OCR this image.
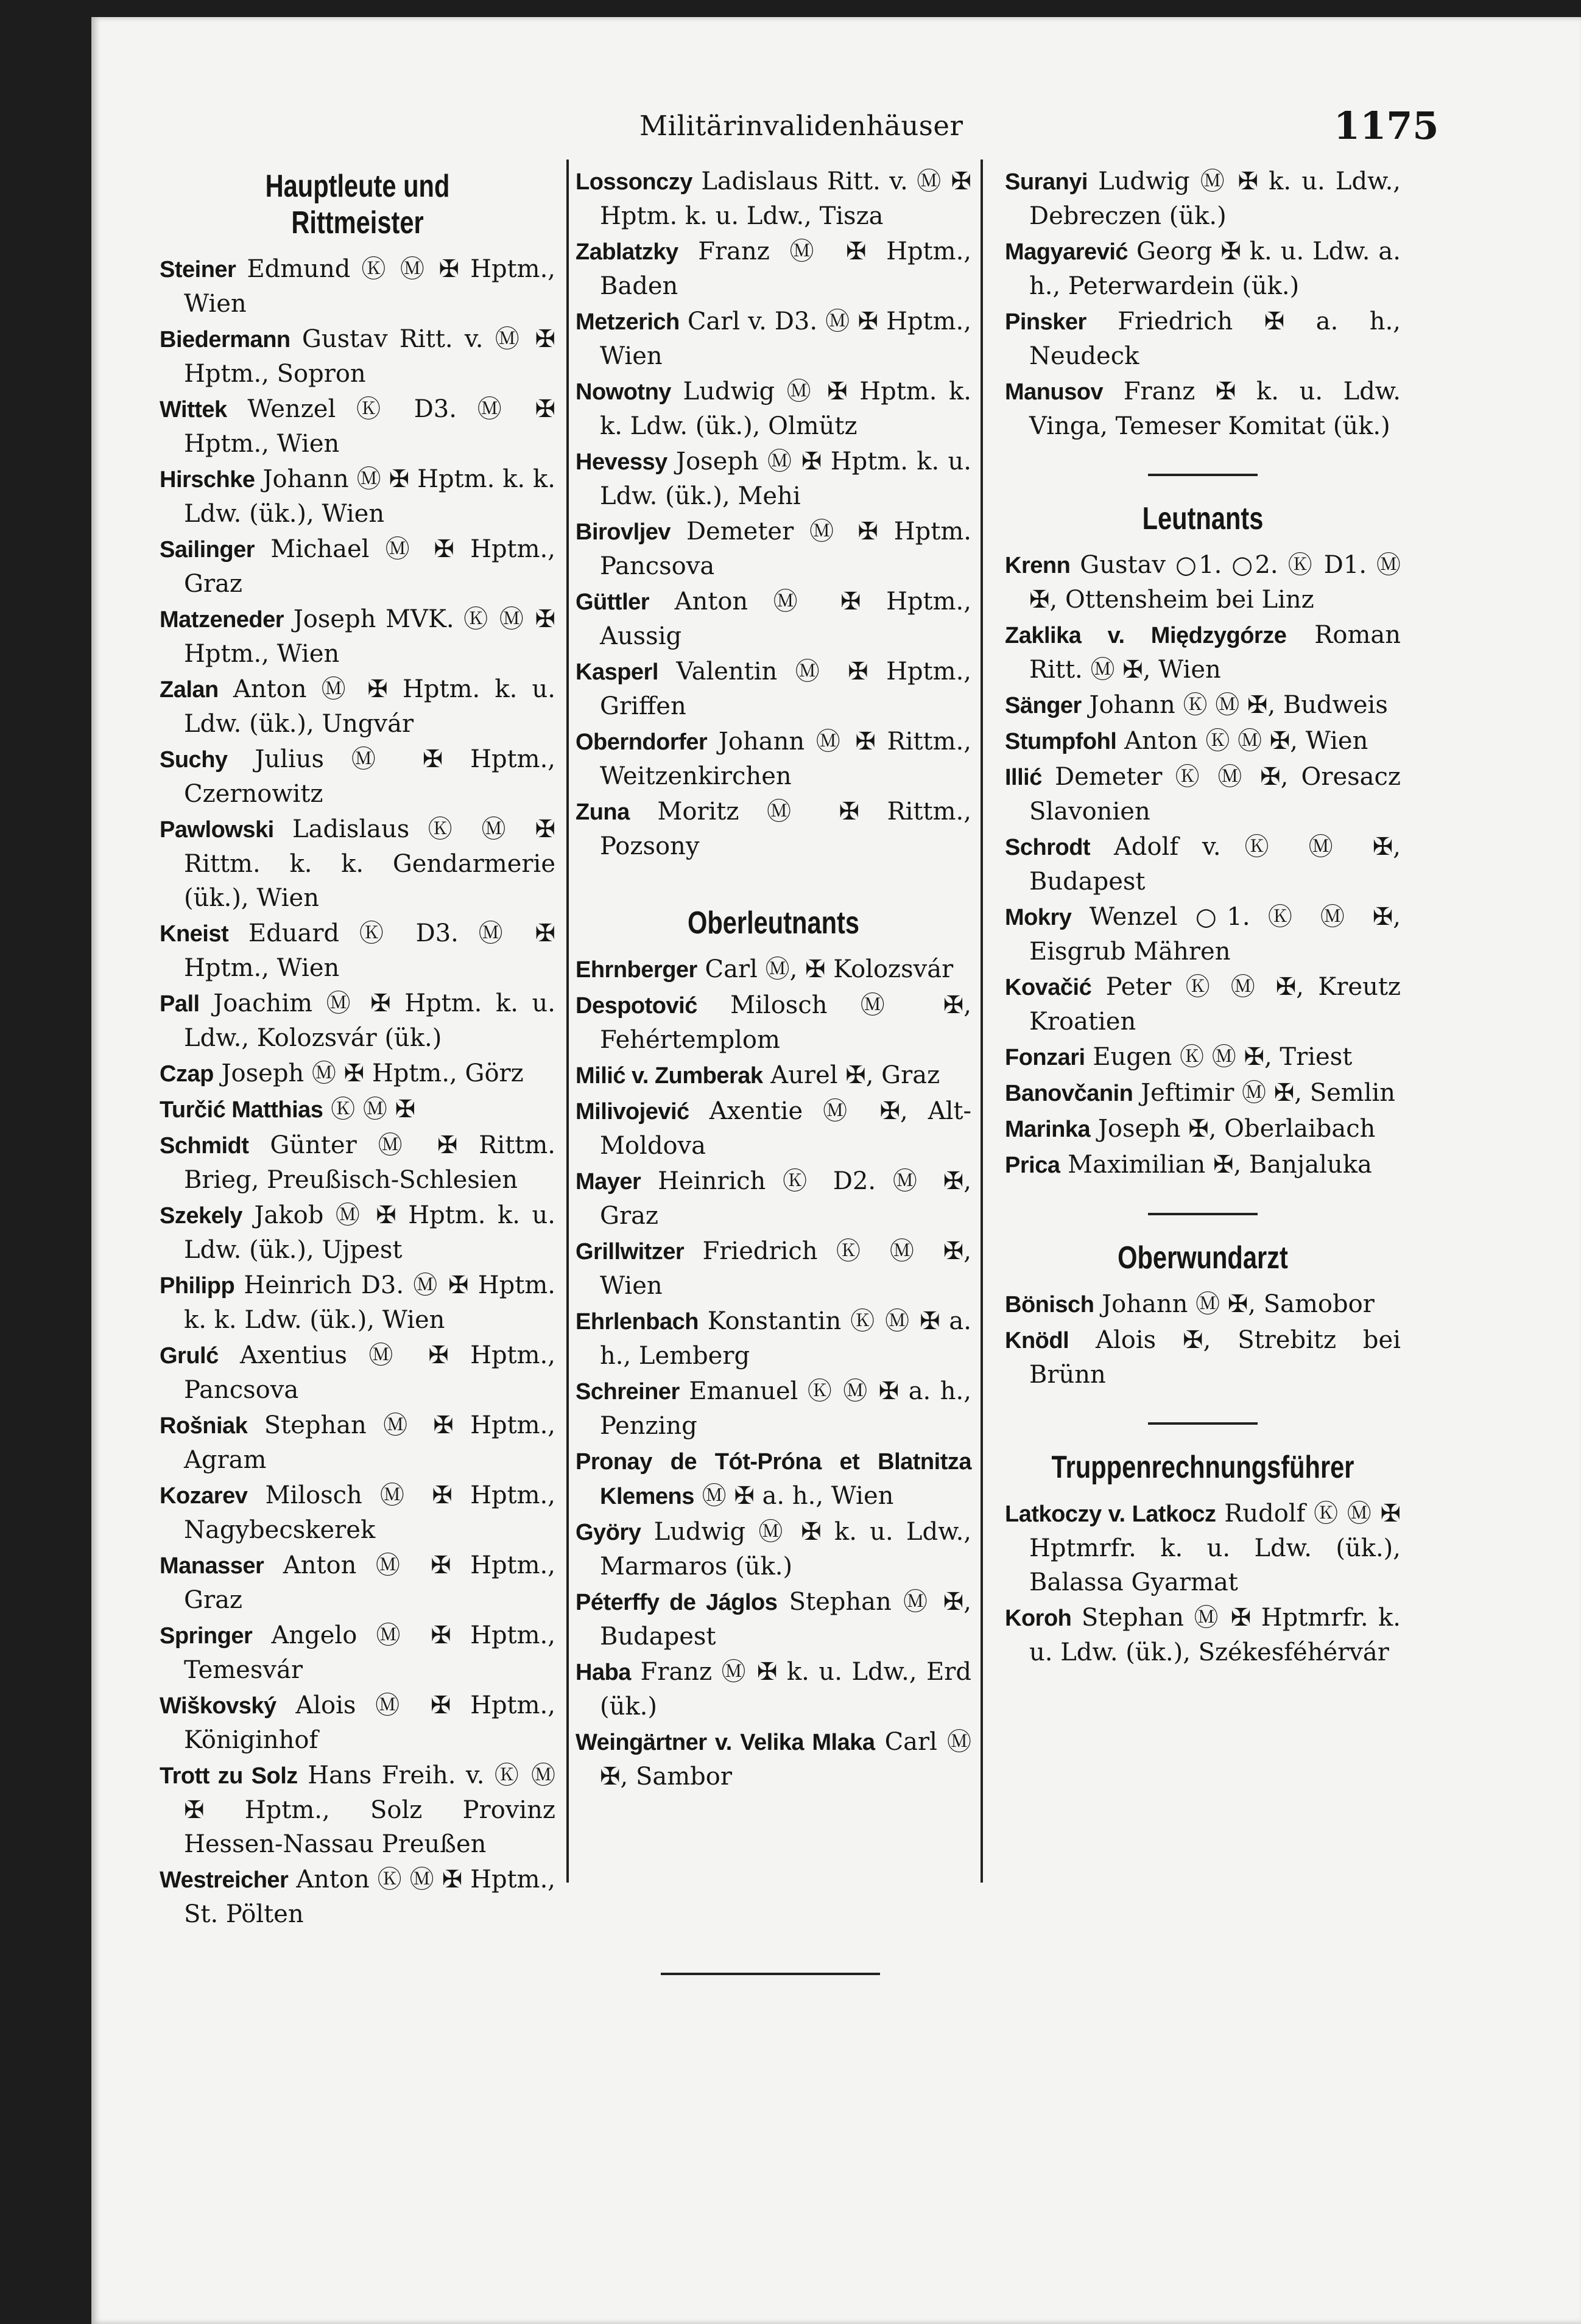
Militärinvalidenhäuser	1175
Hauptleute und Rittmeister
Steiner Edmund Ⓚ Ⓜ ✠ Hptm., Wien
Biedermann Gustav Ritt. v. Ⓜ ✠ Hptm., Sopron
Wittek Wenzel Ⓚ D3. Ⓜ ✠ Hptm., Wien
Hirschke Johann Ⓜ ✠ Hptm. k. k. Ldw. (ük.), Wien
Sailinger Michael Ⓜ ✠ Hptm., Graz
Matzeneder Joseph MVK. Ⓚ Ⓜ ✠ Hptm., Wien
Zalan Anton Ⓜ ✠ Hptm. k. u. Ldw. (ük.), Ungvár
Suchy Julius Ⓜ ✠ Hptm., Czernowitz
Pawlowski Ladislaus Ⓚ Ⓜ ✠ Rittm. k. k. Gendarmerie (ük.), Wien
Kneist Eduard Ⓚ D3. Ⓜ ✠ Hptm., Wien
Pall Joachim Ⓜ ✠ Hptm. k. u. Ldw., Kolozsvár (ük.)
Czap Joseph Ⓜ ✠ Hptm., Görz
Turčić Matthias Ⓚ Ⓜ ✠
Schmidt Günter Ⓜ ✠ Rittm. Brieg, Preußisch-Schlesien
Szekely Jakob Ⓜ ✠ Hptm. k. u. Ldw. (ük.), Ujpest
Philipp Heinrich D3. Ⓜ ✠ Hptm. k. k. Ldw. (ük.), Wien
Grulć Axentius Ⓜ ✠ Hptm., Pancsova
Rošniak Stephan Ⓜ ✠ Hptm., Agram
Kozarev Milosch Ⓜ ✠ Hptm., Nagybecskerek
Manasser Anton Ⓜ ✠ Hptm., Graz
Springer Angelo Ⓜ ✠ Hptm., Temesvár
Wiškovský Alois Ⓜ ✠ Hptm., Königinhof
Trott zu Solz Hans Freih. v. Ⓚ Ⓜ ✠ Hptm., Solz Provinz Hessen-Nassau Preußen
Westreicher Anton Ⓚ Ⓜ ✠ Hptm., St. Pölten
Lossonczy Ladislaus Ritt. v. Ⓜ ✠ Hptm. k. u. Ldw., Tisza
Zablatzky Franz Ⓜ ✠ Hptm., Baden
Metzerich Carl v. D3. Ⓜ ✠ Hptm., Wien
Nowotny Ludwig Ⓜ ✠ Hptm. k. k. Ldw. (ük.), Olmütz
Hevessy Joseph Ⓜ ✠ Hptm. k. u. Ldw. (ük.), Mehi
Birovljev Demeter Ⓜ ✠ Hptm. Pancsova
Güttler Anton Ⓜ ✠ Hptm., Aussig
Kasperl Valentin Ⓜ ✠ Hptm., Griffen
Oberndorfer Johann Ⓜ ✠ Rittm., Weitzenkirchen
Zuna Moritz Ⓜ ✠ Rittm., Pozsony
Oberleutnants
Ehrnberger Carl Ⓜ, ✠ Kolozsvár
Despotović Milosch Ⓜ ✠, Fehértemplom
Milić v. Zumberak Aurel ✠, Graz
Milivojević Axentie Ⓜ ✠, Alt-Moldova
Mayer Heinrich Ⓚ D2. Ⓜ ✠, Graz
Grillwitzer Friedrich Ⓚ Ⓜ ✠, Wien
Ehrlenbach Konstantin Ⓚ Ⓜ ✠ a. h., Lemberg
Schreiner Emanuel Ⓚ Ⓜ ✠ a. h., Penzing
Pronay de Tót-Próna et Blatnitza Klemens Ⓜ ✠ a. h., Wien
Györy Ludwig Ⓜ ✠ k. u. Ldw., Marmaros (ük.)
Péterffy de Jáglos Stephan Ⓜ ✠, Budapest
Haba Franz Ⓜ ✠ k. u. Ldw., Erd (ük.)
Weingärtner v. Velika Mlaka Carl Ⓜ ✠, Sambor
Suranyi Ludwig Ⓜ ✠ k. u. Ldw., Debreczen (ük.)
Magyarević Georg ✠ k. u. Ldw. a. h., Peterwardein (ük.)
Pinsker Friedrich ✠ a. h., Neudeck
Manusov Franz ✠ k. u. Ldw. Vinga, Temeser Komitat (ük.)
Leutnants
Krenn Gustav ○1. ○2. Ⓚ D1. Ⓜ ✠, Ottensheim bei Linz
Zaklika v. Międzygórze Roman Ritt. Ⓜ ✠, Wien
Sänger Johann Ⓚ Ⓜ ✠, Budweis
Stumpfohl Anton Ⓚ Ⓜ ✠, Wien
Illić Demeter Ⓚ Ⓜ ✠, Oresacz Slavonien
Schrodt Adolf v. Ⓚ Ⓜ ✠, Budapest
Mokry Wenzel ○1. Ⓚ Ⓜ ✠, Eisgrub Mähren
Kovačić Peter Ⓚ Ⓜ ✠, Kreutz Kroatien
Fonzari Eugen Ⓚ Ⓜ ✠, Triest
Banovčanin Jeftimir Ⓜ ✠, Semlin
Marinka Joseph ✠, Oberlaibach
Prica Maximilian ✠, Banjaluka
Oberwundarzt
Bönisch Johann Ⓜ ✠, Samobor
Knödl Alois ✠, Strebitz bei Brünn
Truppenrechnungsführer
Latkoczy v. Latkocz Rudolf Ⓚ Ⓜ ✠ Hptmrfr. k. u. Ldw. (ük.), Balassa Gyarmat
Koroh Stephan Ⓜ ✠ Hptmrfr. k. u. Ldw. (ük.), Székesféhérvár
